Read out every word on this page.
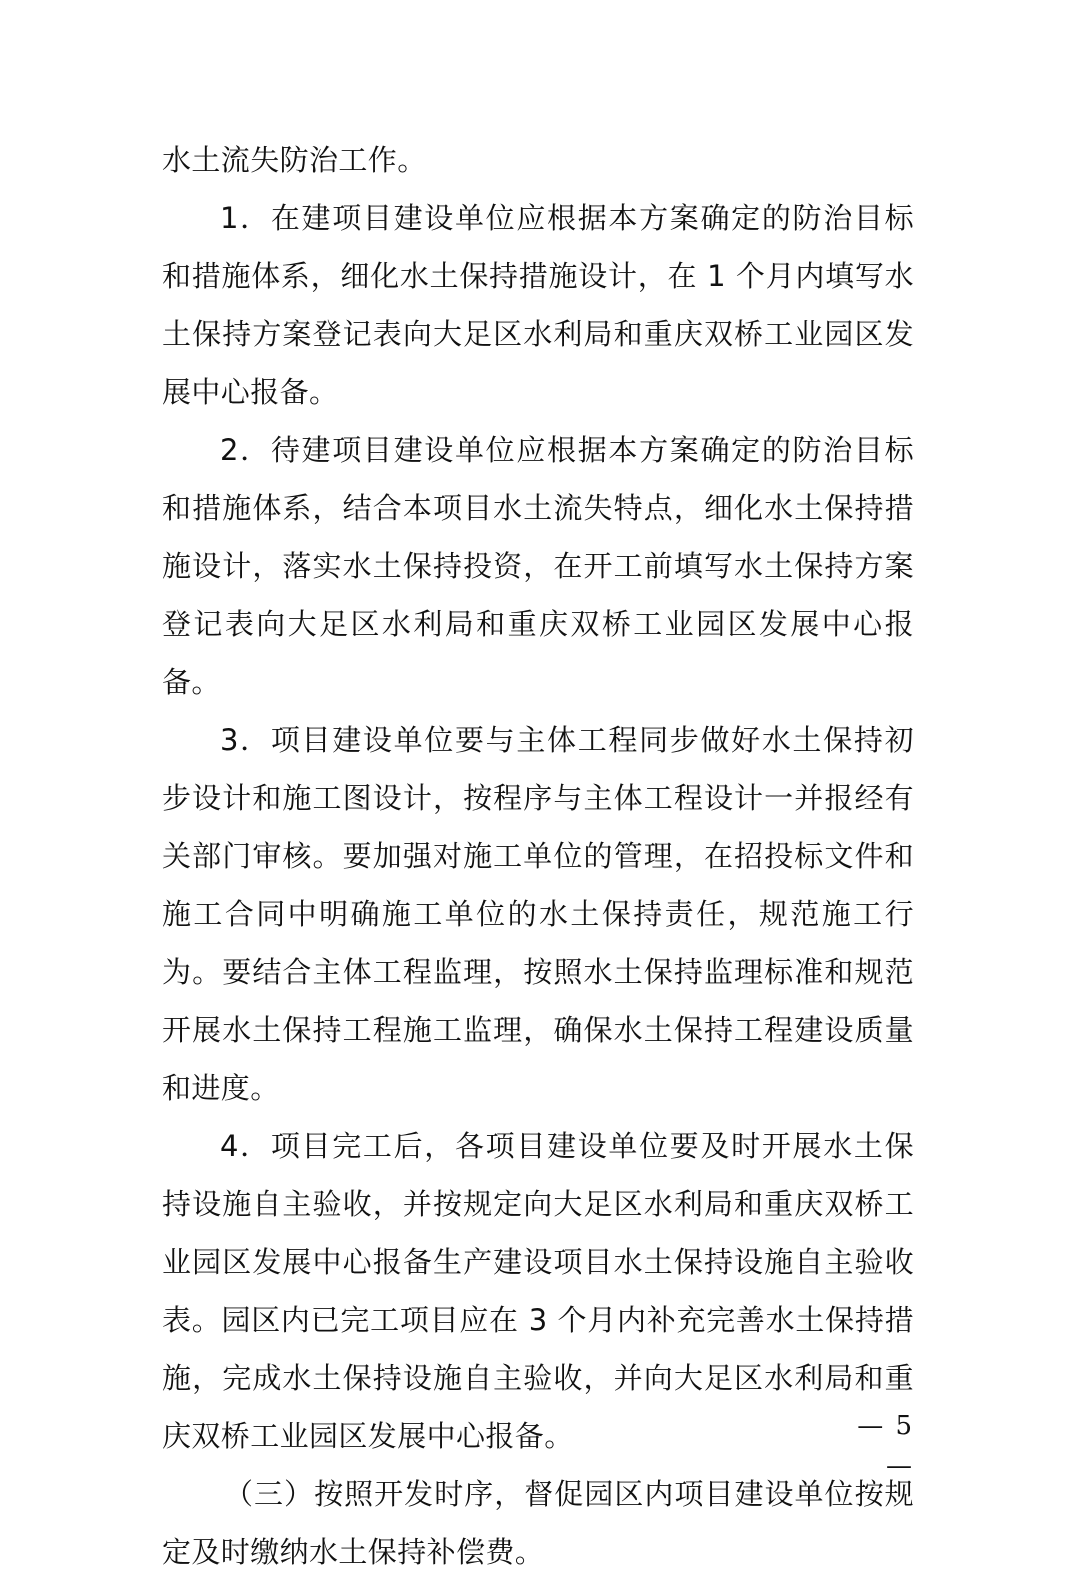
水土流失防治工作。

1．在建项目建设单位应根据本方案确定的防治目标和措施体系，细化水土保持措施设计，在 1 个月内填写水土保持方案登记表向大足区水利局和重庆双桥工业园区发展中心报备。

2．待建项目建设单位应根据本方案确定的防治目标和措施体系，结合本项目水土流失特点，细化水土保持措施设计，落实水土保持投资，在开工前填写水土保持方案登记表向大足区水利局和重庆双桥工业园区发展中心报备。

3．项目建设单位要与主体工程同步做好水土保持初步设计和施工图设计，按程序与主体工程设计一并报经有关部门审核。要加强对施工单位的管理，在招投标文件和施工合同中明确施工单位的水土保持责任，规范施工行为。要结合主体工程监理，按照水土保持监理标准和规范开展水土保持工程施工监理，确保水土保持工程建设质量和进度。

4．项目完工后，各项目建设单位要及时开展水土保持设施自主验收，并按规定向大足区水利局和重庆双桥工业园区发展中心报备生产建设项目水土保持设施自主验收表。园区内已完工项目应在 3 个月内补充完善水土保持措施，完成水土保持设施自主验收，并向大足区水利局和重庆双桥工业园区发展中心报备。

（三）按照开发时序，督促园区内项目建设单位按规定及时缴纳水土保持补偿费。

— 5 —
